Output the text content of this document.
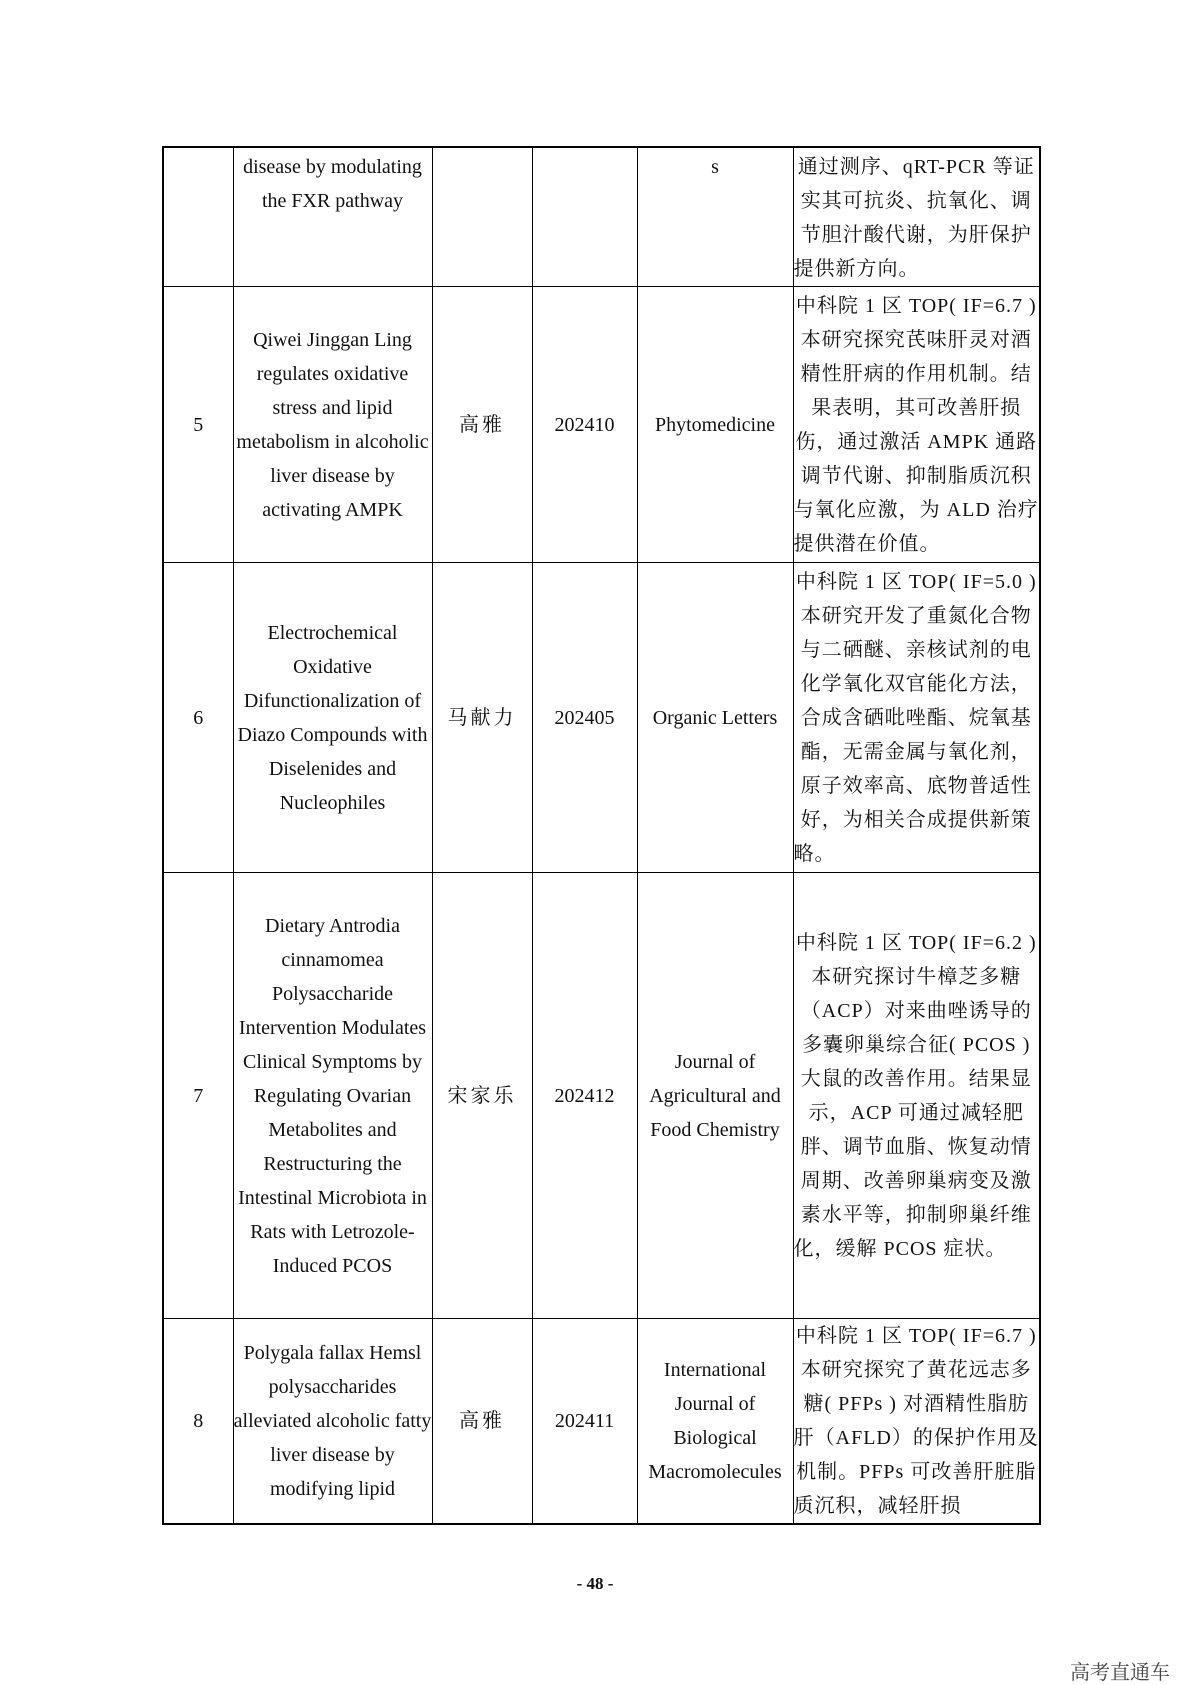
	disease by modulating the FXR pathway			s	通过测序、qRT-PCR 等证实其可抗炎、抗氧化、调节胆汁酸代谢，为肝保护提供新方向。
5	Qiwei Jinggan Ling regulates oxidative stress and lipid metabolism in alcoholic liver disease by activating AMPK	高雅	202410	Phytomedicine	中科院 1 区 TOP( IF=6.7 ) 本研究探究芪味肝灵对酒精性肝病的作用机制。结果表明，其可改善肝损伤，通过激活 AMPK 通路调节代谢、抑制脂质沉积与氧化应激，为 ALD 治疗提供潜在价值。
6	Electrochemical Oxidative Difunctionalization of Diazo Compounds with Diselenides and Nucleophiles	马献力	202405	Organic Letters	中科院 1 区 TOP( IF=5.0 ) 本研究开发了重氮化合物与二硒醚、亲核试剂的电化学氧化双官能化方法，合成含硒吡唑酯、烷氧基酯，无需金属与氧化剂，原子效率高、底物普适性好，为相关合成提供新策略。
7	Dietary Antrodia cinnamomea Polysaccharide Intervention Modulates Clinical Symptoms by Regulating Ovarian Metabolites and Restructuring the Intestinal Microbiota in Rats with Letrozole-Induced PCOS	宋家乐	202412	Journal of Agricultural and Food Chemistry	中科院 1 区 TOP( IF=6.2 ) 本研究探讨牛樟芝多糖（ACP）对来曲唑诱导的多囊卵巢综合征( PCOS ) 大鼠的改善作用。结果显示，ACP 可通过减轻肥胖、调节血脂、恢复动情周期、改善卵巢病变及激素水平等，抑制卵巢纤维化，缓解 PCOS 症状。
8	Polygala fallax Hemsl polysaccharides alleviated alcoholic fatty liver disease by modifying lipid	高雅	202411	International Journal of Biological Macromolecules	中科院 1 区 TOP( IF=6.7 ) 本研究探究了黄花远志多糖( PFPs ) 对酒精性脂肪肝（AFLD）的保护作用及机制。PFPs 可改善肝脏脂质沉积，减轻肝损
- 48 -
高考直通车
